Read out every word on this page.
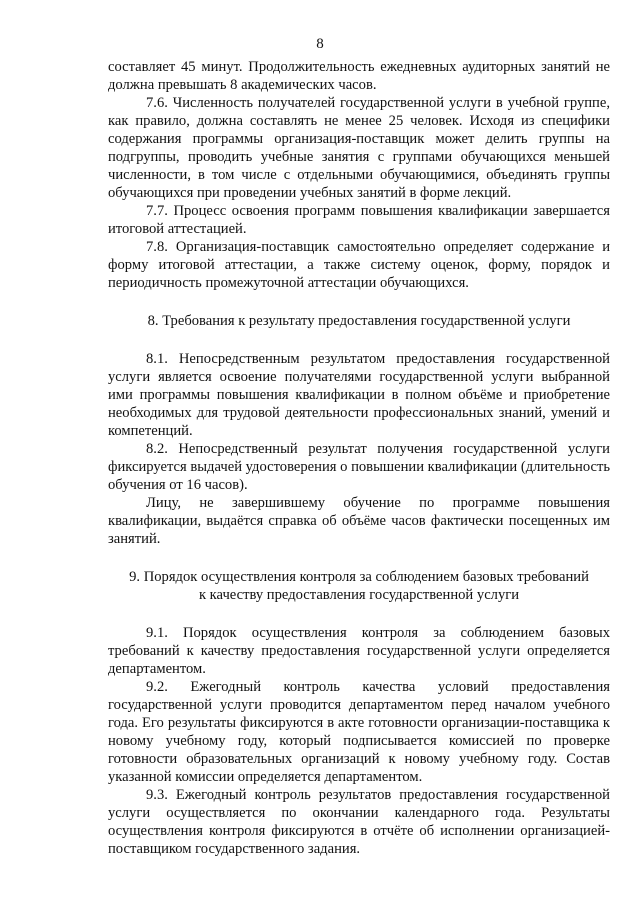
8

составляет 45 минут. Продолжительность ежедневных аудиторных занятий не должна превышать 8 академических часов.

7.6. Численность получателей государственной услуги в учебной группе, как правило, должна составлять не менее 25 человек. Исходя из специфики содержания программы организация-поставщик может делить группы на подгруппы, проводить учебные занятия с группами обучающихся меньшей численности, в том числе с отдельными обучающимися, объединять группы обучающихся при проведении учебных занятий в форме лекций.

7.7. Процесс освоения программ повышения квалификации завершается итоговой аттестацией.

7.8. Организация-поставщик самостоятельно определяет содержание и форму итоговой аттестации, а также систему оценок, форму, порядок и периодичность промежуточной аттестации обучающихся.

8. Требования к результату предоставления государственной услуги

8.1. Непосредственным результатом предоставления государственной услуги является освоение получателями государственной услуги выбранной ими программы повышения квалификации в полном объёме и приобретение необходимых для трудовой деятельности профессиональных знаний, умений и компетенций.

8.2. Непосредственный результат получения государственной услуги фиксируется выдачей удостоверения о повышении квалификации (длительность обучения от 16 часов).

Лицу, не завершившему обучение по программе повышения квалификации, выдаётся справка об объёме часов фактически посещенных им занятий.

9. Порядок осуществления контроля за соблюдением базовых требований к качеству предоставления государственной услуги

9.1. Порядок осуществления контроля за соблюдением базовых требований к качеству предоставления государственной услуги определяется департаментом.

9.2. Ежегодный контроль качества условий предоставления государственной услуги проводится департаментом перед началом учебного года. Его результаты фиксируются в акте готовности организации-поставщика к новому учебному году, который подписывается комиссией по проверке готовности образовательных организаций к новому учебному году. Состав указанной комиссии определяется департаментом.

9.3. Ежегодный контроль результатов предоставления государственной услуги осуществляется по окончании календарного года. Результаты осуществления контроля фиксируются в отчёте об исполнении организацией-поставщиком государственного задания.
